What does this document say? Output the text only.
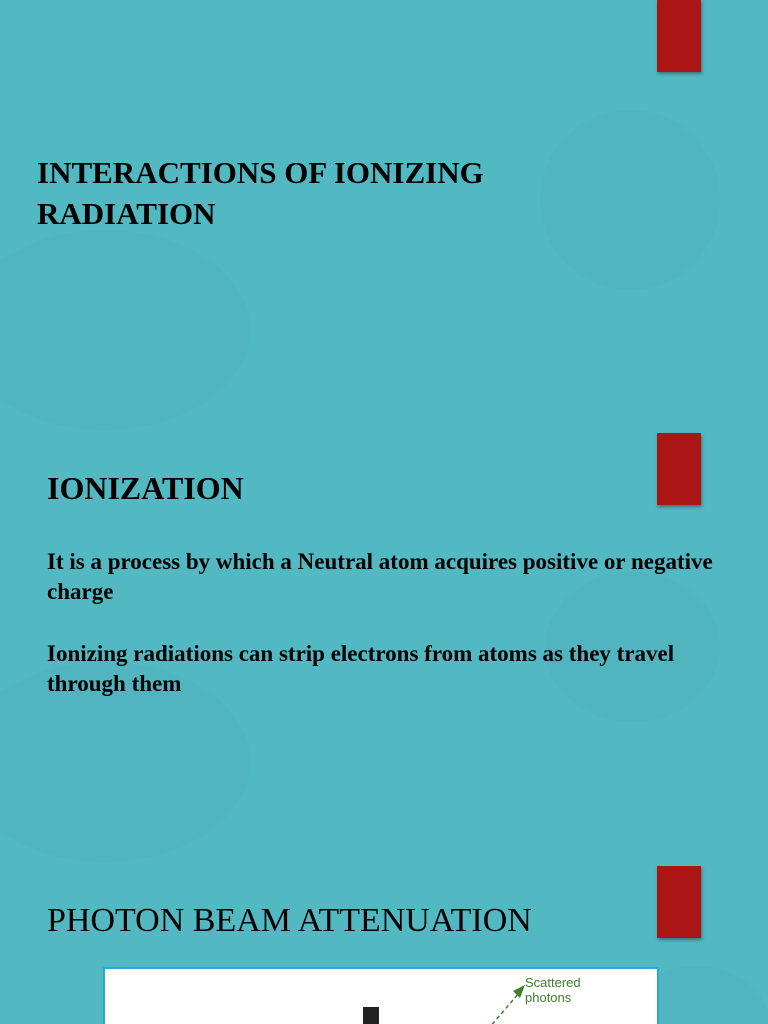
INTERACTIONS OF IONIZING RADIATION
IONIZATION
It is a process by which a Neutral atom acquires positive or negative charge
Ionizing radiations can strip electrons from atoms as they travel through them
PHOTON BEAM ATTENUATION
Scattered
photons
